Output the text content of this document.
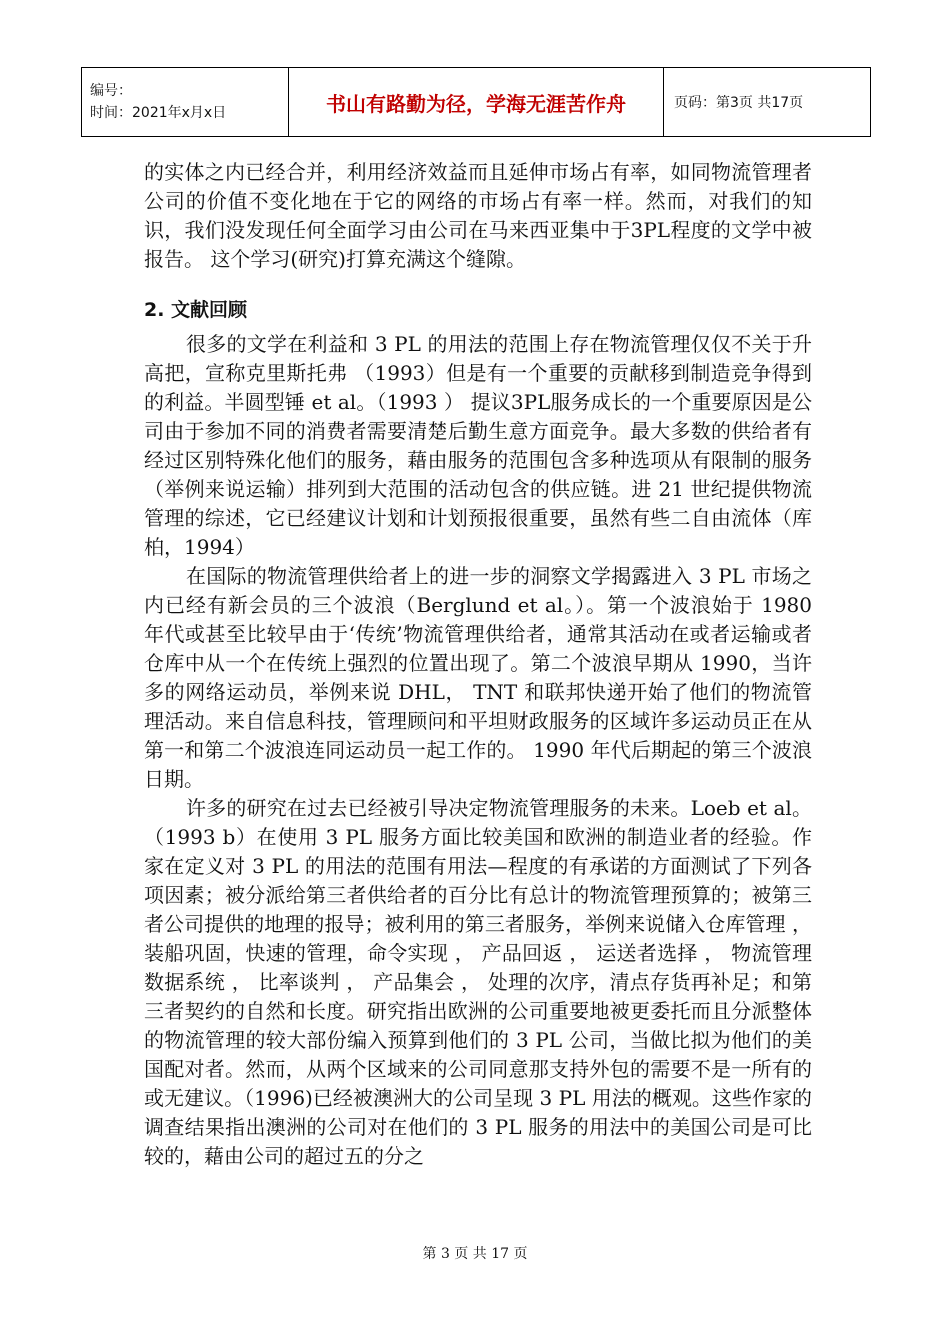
编号：
时间：2021年x月x日	书山有路勤为径，学海无涯苦作舟	页码：第3页 共17页

的实体之内已经合并，利用经济效益而且延伸市场占有率，如同物流管理者公司的价值不变化地在于它的网络的市场占有率一样。然而，对我们的知识，我们没发现任何全面学习由公司在马来西亚集中于3PL程度的文学中被报告。 这个学习(研究)打算充满这个缝隙。

2. 文献回顾

很多的文学在利益和 3 PL 的用法的范围上存在物流管理仅仅不关于升高把，宣称克里斯托弗 （1993）但是有一个重要的贡献移到制造竞争得到的利益。半圆型锤 et al。（1993 ） 提议3PL服务成长的一个重要原因是公司由于参加不同的消费者需要清楚后勤生意方面竞争。最大多数的供给者有经过区别特殊化他们的服务，藉由服务的范围包含多种选项从有限制的服务 （举例来说运输）排列到大范围的活动包含的供应链。进 21 世纪提供物流管理的综述，它已经建议计划和计划预报很重要，虽然有些二自由流体（库柏，1994）

在国际的物流管理供给者上的进一步的洞察文学揭露进入 3 PL 市场之内已经有新会员的三个波浪（Berglund et al。）。第一个波浪始于 1980 年代或甚至比较早由于‘传统’物流管理供给者，通常其活动在或者运输或者仓库中从一个在传统上强烈的位置出现了。第二个波浪早期从 1990，当许多的网络运动员，举例来说 DHL， TNT 和联邦快递开始了他们的物流管理活动。来自信息科技，管理顾问和平坦财政服务的区域许多运动员正在从第一和第二个波浪连同运动员一起工作的。 1990 年代后期起的第三个波浪日期。

许多的研究在过去已经被引导决定物流管理服务的未来。Loeb et al。（1993 b）在使用 3 PL 服务方面比较美国和欧洲的制造业者的经验。作家在定义对 3 PL 的用法的范围有用法—程度的有承诺的方面测试了下列各项因素；被分派给第三者供给者的百分比有总计的物流管理预算的；被第三者公司提供的地理的报导；被利用的第三者服务，举例来说储入仓库管理 ， 装船巩固，快速的管理，命令实现 ， 产品回返 ， 运送者选择 ， 物流管理数据系统 ， 比率谈判 ， 产品集会 ， 处理的次序，清点存货再补足；和第三者契约的自然和长度。研究指出欧洲的公司重要地被更委托而且分派整体的物流管理的较大部份编入预算到他们的 3 PL 公司，当做比拟为他们的美国配对者。然而，从两个区域来的公司同意那支持外包的需要不是一所有的或无建议。（1996)已经被澳洲大的公司呈现 3 PL 用法的概观。这些作家的调查结果指出澳洲的公司对在他们的 3 PL 服务的用法中的美国公司是可比较的，藉由公司的超过五的分之

第 3 页 共 17 页
